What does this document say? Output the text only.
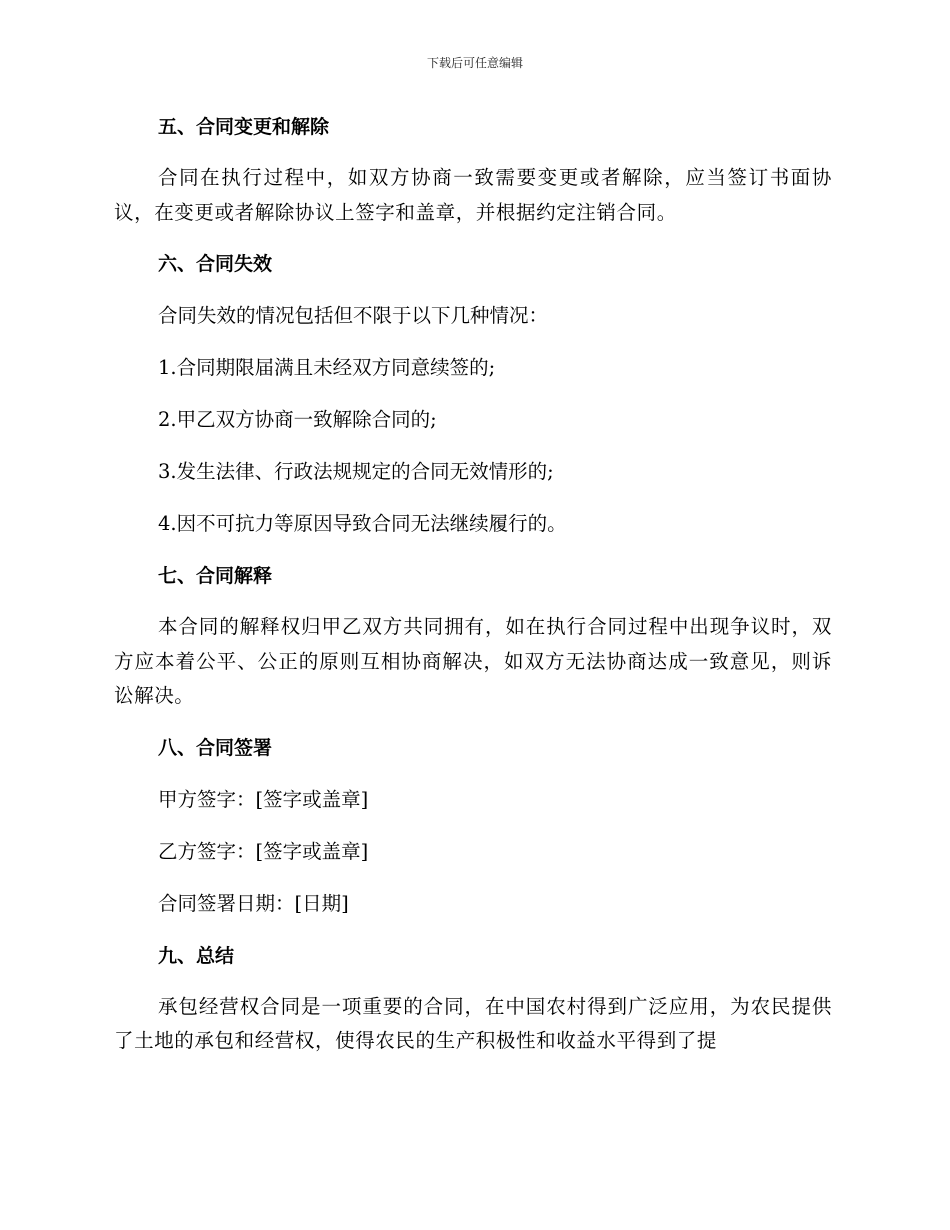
下载后可任意编辑
五、合同变更和解除

合同在执行过程中，如双方协商一致需要变更或者解除，应当签订书面协议，在变更或者解除协议上签字和盖章，并根据约定注销合同。

六、合同失效

合同失效的情况包括但不限于以下几种情况：

1.合同期限届满且未经双方同意续签的;

2.甲乙双方协商一致解除合同的;

3.发生法律、行政法规规定的合同无效情形的;

4.因不可抗力等原因导致合同无法继续履行的。

七、合同解释

本合同的解释权归甲乙双方共同拥有，如在执行合同过程中出现争议时，双方应本着公平、公正的原则互相协商解决，如双方无法协商达成一致意见，则诉讼解决。

八、合同签署

甲方签字：[签字或盖章]

乙方签字：[签字或盖章]

合同签署日期：[日期]

九、总结

承包经营权合同是一项重要的合同，在中国农村得到广泛应用，为农民提供了土地的承包和经营权，使得农民的生产积极性和收益水平得到了提
